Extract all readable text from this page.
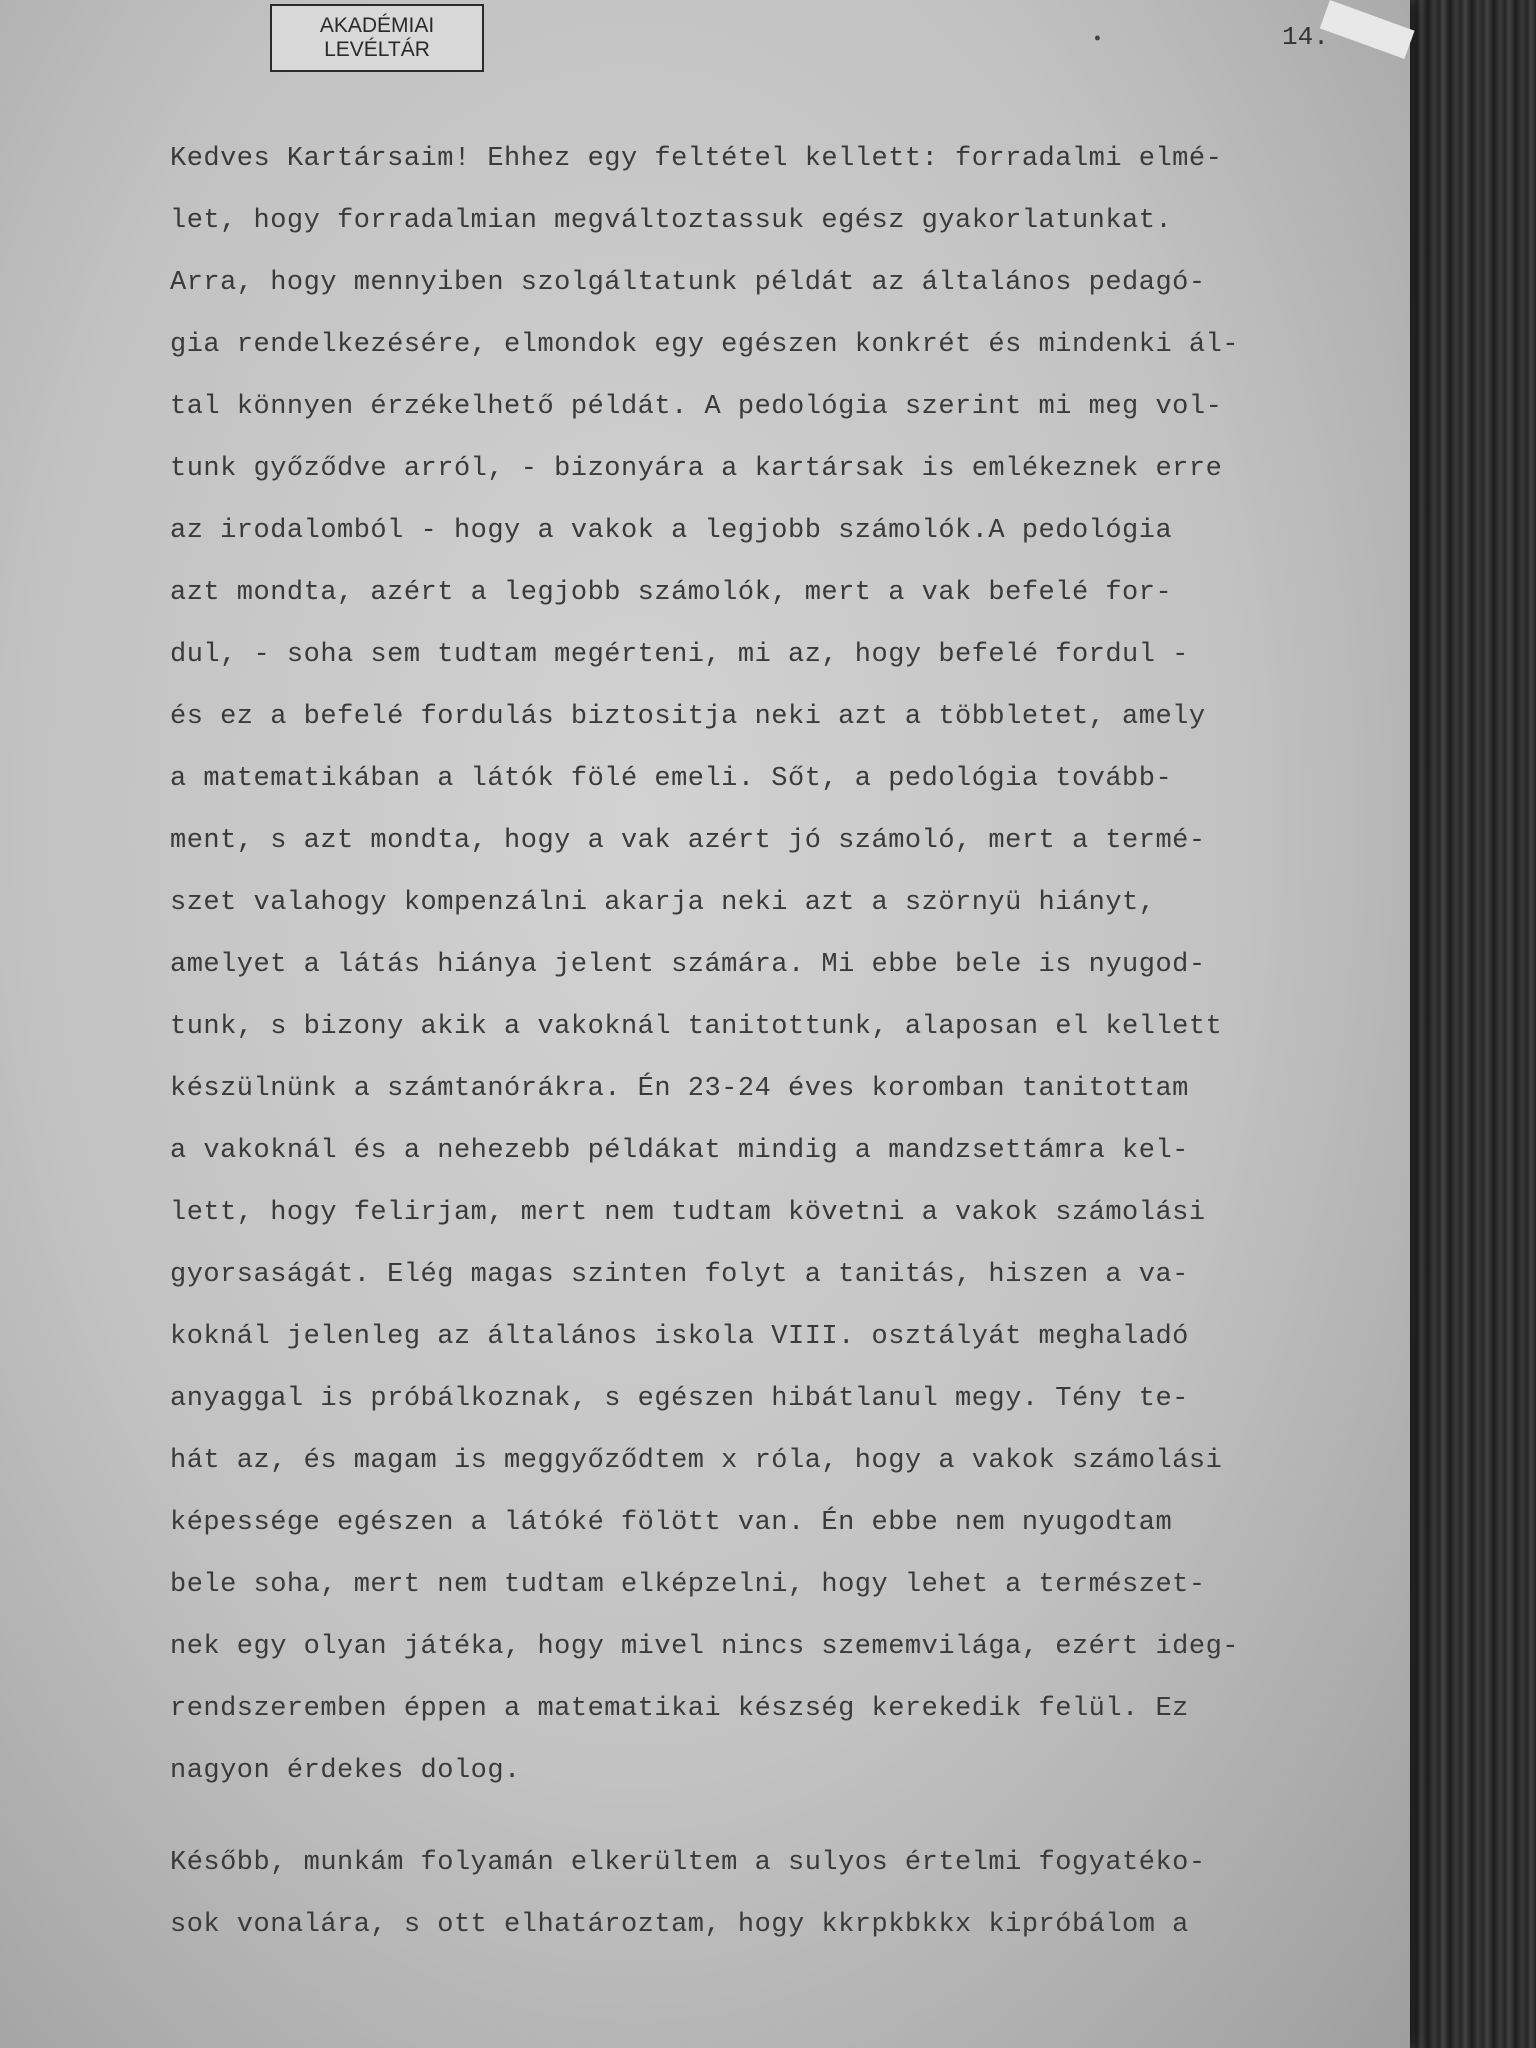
AKADÉMIAI
LEVÉLTÁR	•	14.
Kedves Kartársaim! Ehhez egy feltétel kellett: forradalmi elmé-
let, hogy forradalmian megváltoztassuk egész gyakorlatunkat.
Arra, hogy mennyiben szolgáltatunk példát az általános pedagó-
gia rendelkezésére, elmondok egy egészen konkrét és mindenki ál-
tal könnyen érzékelhető példát. A pedológia szerint mi meg vol-
tunk győződve arról, - bizonyára a kartársak is emlékeznek erre
az irodalomból - hogy a vakok a legjobb számolók.A pedológia
azt mondta, azért a legjobb számolók, mert a vak befelé for-
dul, - soha sem tudtam megérteni, mi az, hogy befelé fordul -
és ez a befelé fordulás biztositja neki azt a többletet, amely
a matematikában a látók fölé emeli. Sőt, a pedológia tovább-
ment, s azt mondta, hogy a vak azért jó számoló, mert a termé-
szet valahogy kompenzálni akarja neki azt a szörnyü hiányt,
amelyet a látás hiánya jelent számára. Mi ebbe bele is nyugod-
tunk, s bizony akik a vakoknál tanitottunk, alaposan el kellett
készülnünk a számtanórákra. Én 23-24 éves koromban tanitottam
a vakoknál és a nehezebb példákat mindig a mandzsettámra kel-
lett, hogy felirjam, mert nem tudtam követni a vakok számolási
gyorsaságát. Elég magas szinten folyt a tanitás, hiszen a va-
koknál jelenleg az általános iskola VIII. osztályát meghaladó
anyaggal is próbálkoznak, s egészen hibátlanul megy. Tény te-
hát az, és magam is meggyőződtem x róla, hogy a vakok számolási
képessége egészen a látóké fölött van. Én ebbe nem nyugodtam
bele soha, mert nem tudtam elképzelni, hogy lehet a természet-
nek egy olyan játéka, hogy mivel nincs szememvilága, ezért ideg-
rendszeremben éppen a matematikai készség kerekedik felül. Ez
nagyon érdekes dolog.
Később, munkám folyamán elkerültem a sulyos értelmi fogyatéko-
sok vonalára, s ott elhatároztam, hogy kkrpkbkkx kipróbálom a
